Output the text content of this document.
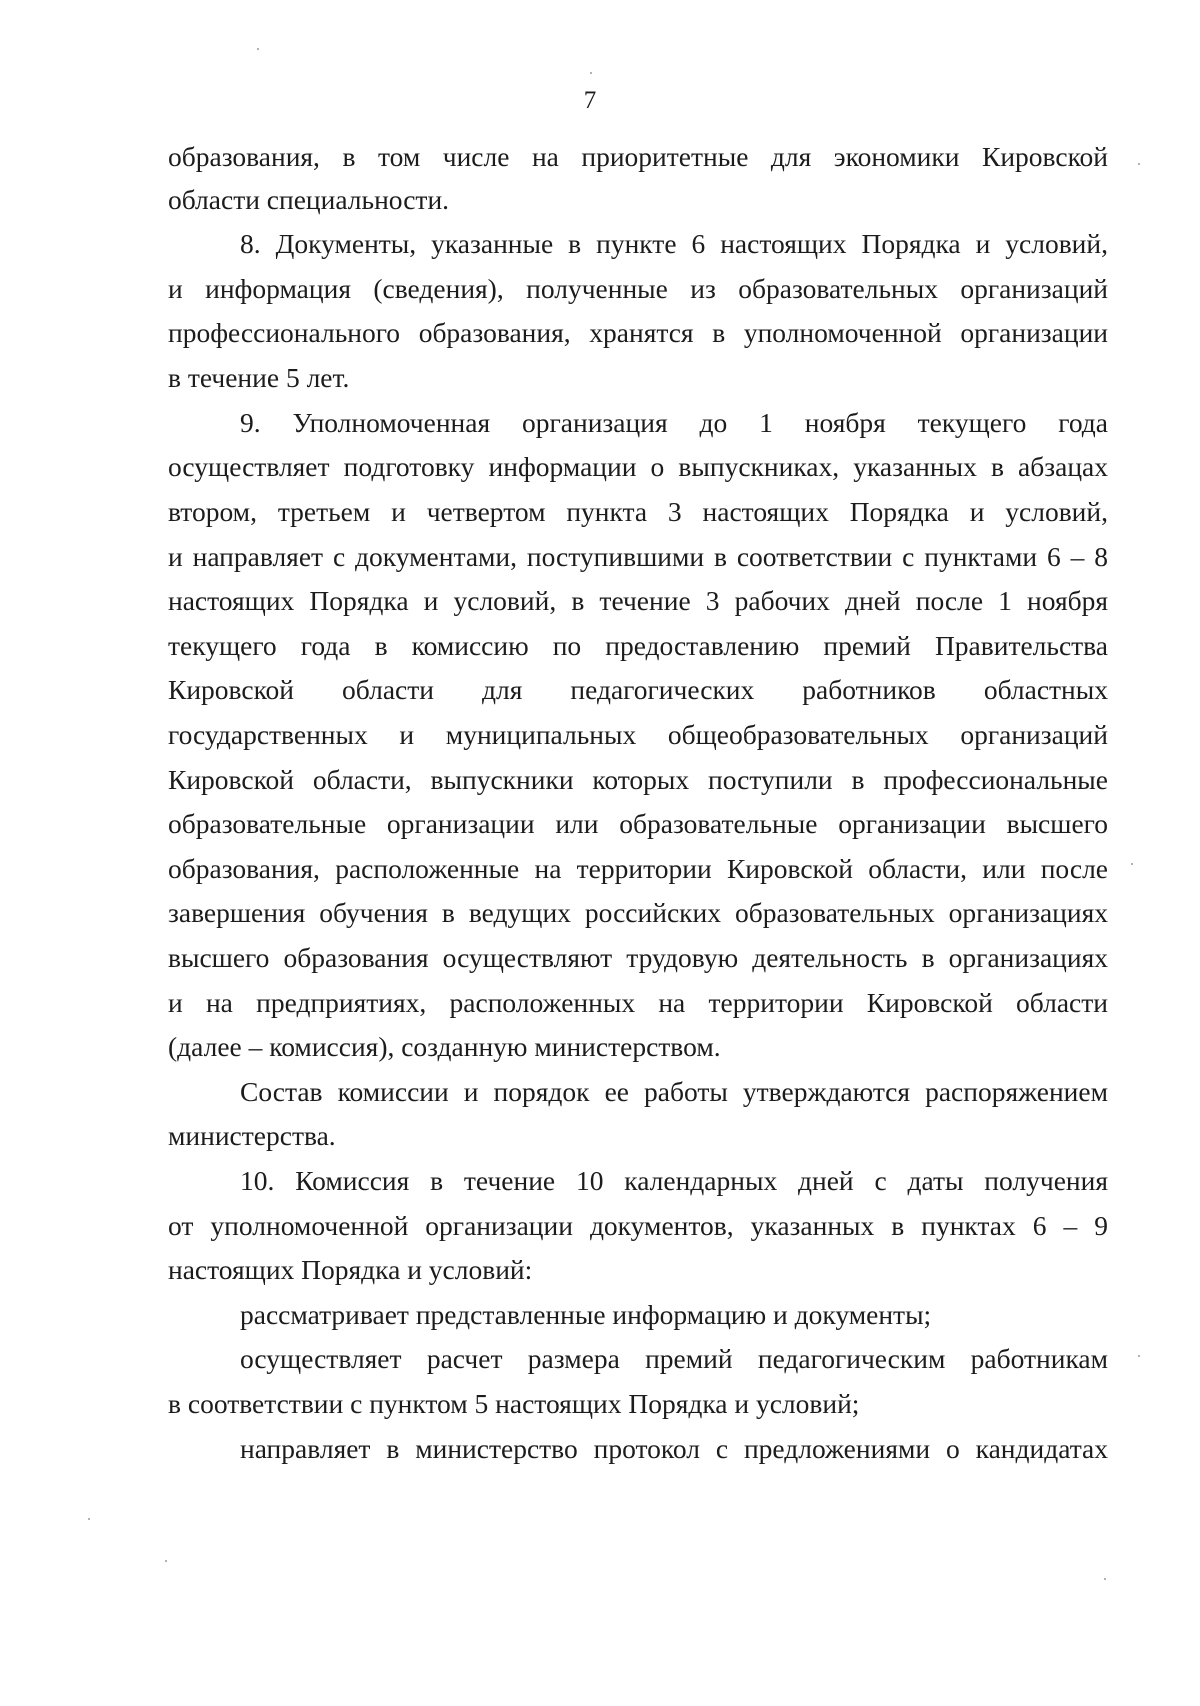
7
образования, в том числе на приоритетные для экономики Кировской
области специальности.
8. Документы, указанные в пункте 6 настоящих Порядка и условий,
и информация (сведения), полученные из образовательных организаций
профессионального образования, хранятся в уполномоченной организации
в течение 5 лет.
9. Уполномоченная организация до 1 ноября текущего года
осуществляет подготовку информации о выпускниках, указанных в абзацах
втором, третьем и четвертом пункта 3 настоящих Порядка и условий,
и направляет с документами, поступившими в соответствии с пунктами 6 – 8
настоящих Порядка и условий, в течение 3 рабочих дней после 1 ноября
текущего года в комиссию по предоставлению премий Правительства
Кировской области для педагогических работников областных
государственных и муниципальных общеобразовательных организаций
Кировской области, выпускники которых поступили в профессиональные
образовательные организации или образовательные организации высшего
образования, расположенные на территории Кировской области, или после
завершения обучения в ведущих российских образовательных организациях
высшего образования осуществляют трудовую деятельность в организациях
и на предприятиях, расположенных на территории Кировской области
(далее – комиссия), созданную министерством.
Состав комиссии и порядок ее работы утверждаются распоряжением
министерства.
10. Комиссия в течение 10 календарных дней с даты получения
от уполномоченной организации документов, указанных в пунктах 6 – 9
настоящих Порядка и условий:
рассматривает представленные информацию и документы;
осуществляет расчет размера премий педагогическим работникам
в соответствии с пунктом 5 настоящих Порядка и условий;
направляет в министерство протокол с предложениями о кандидатах
